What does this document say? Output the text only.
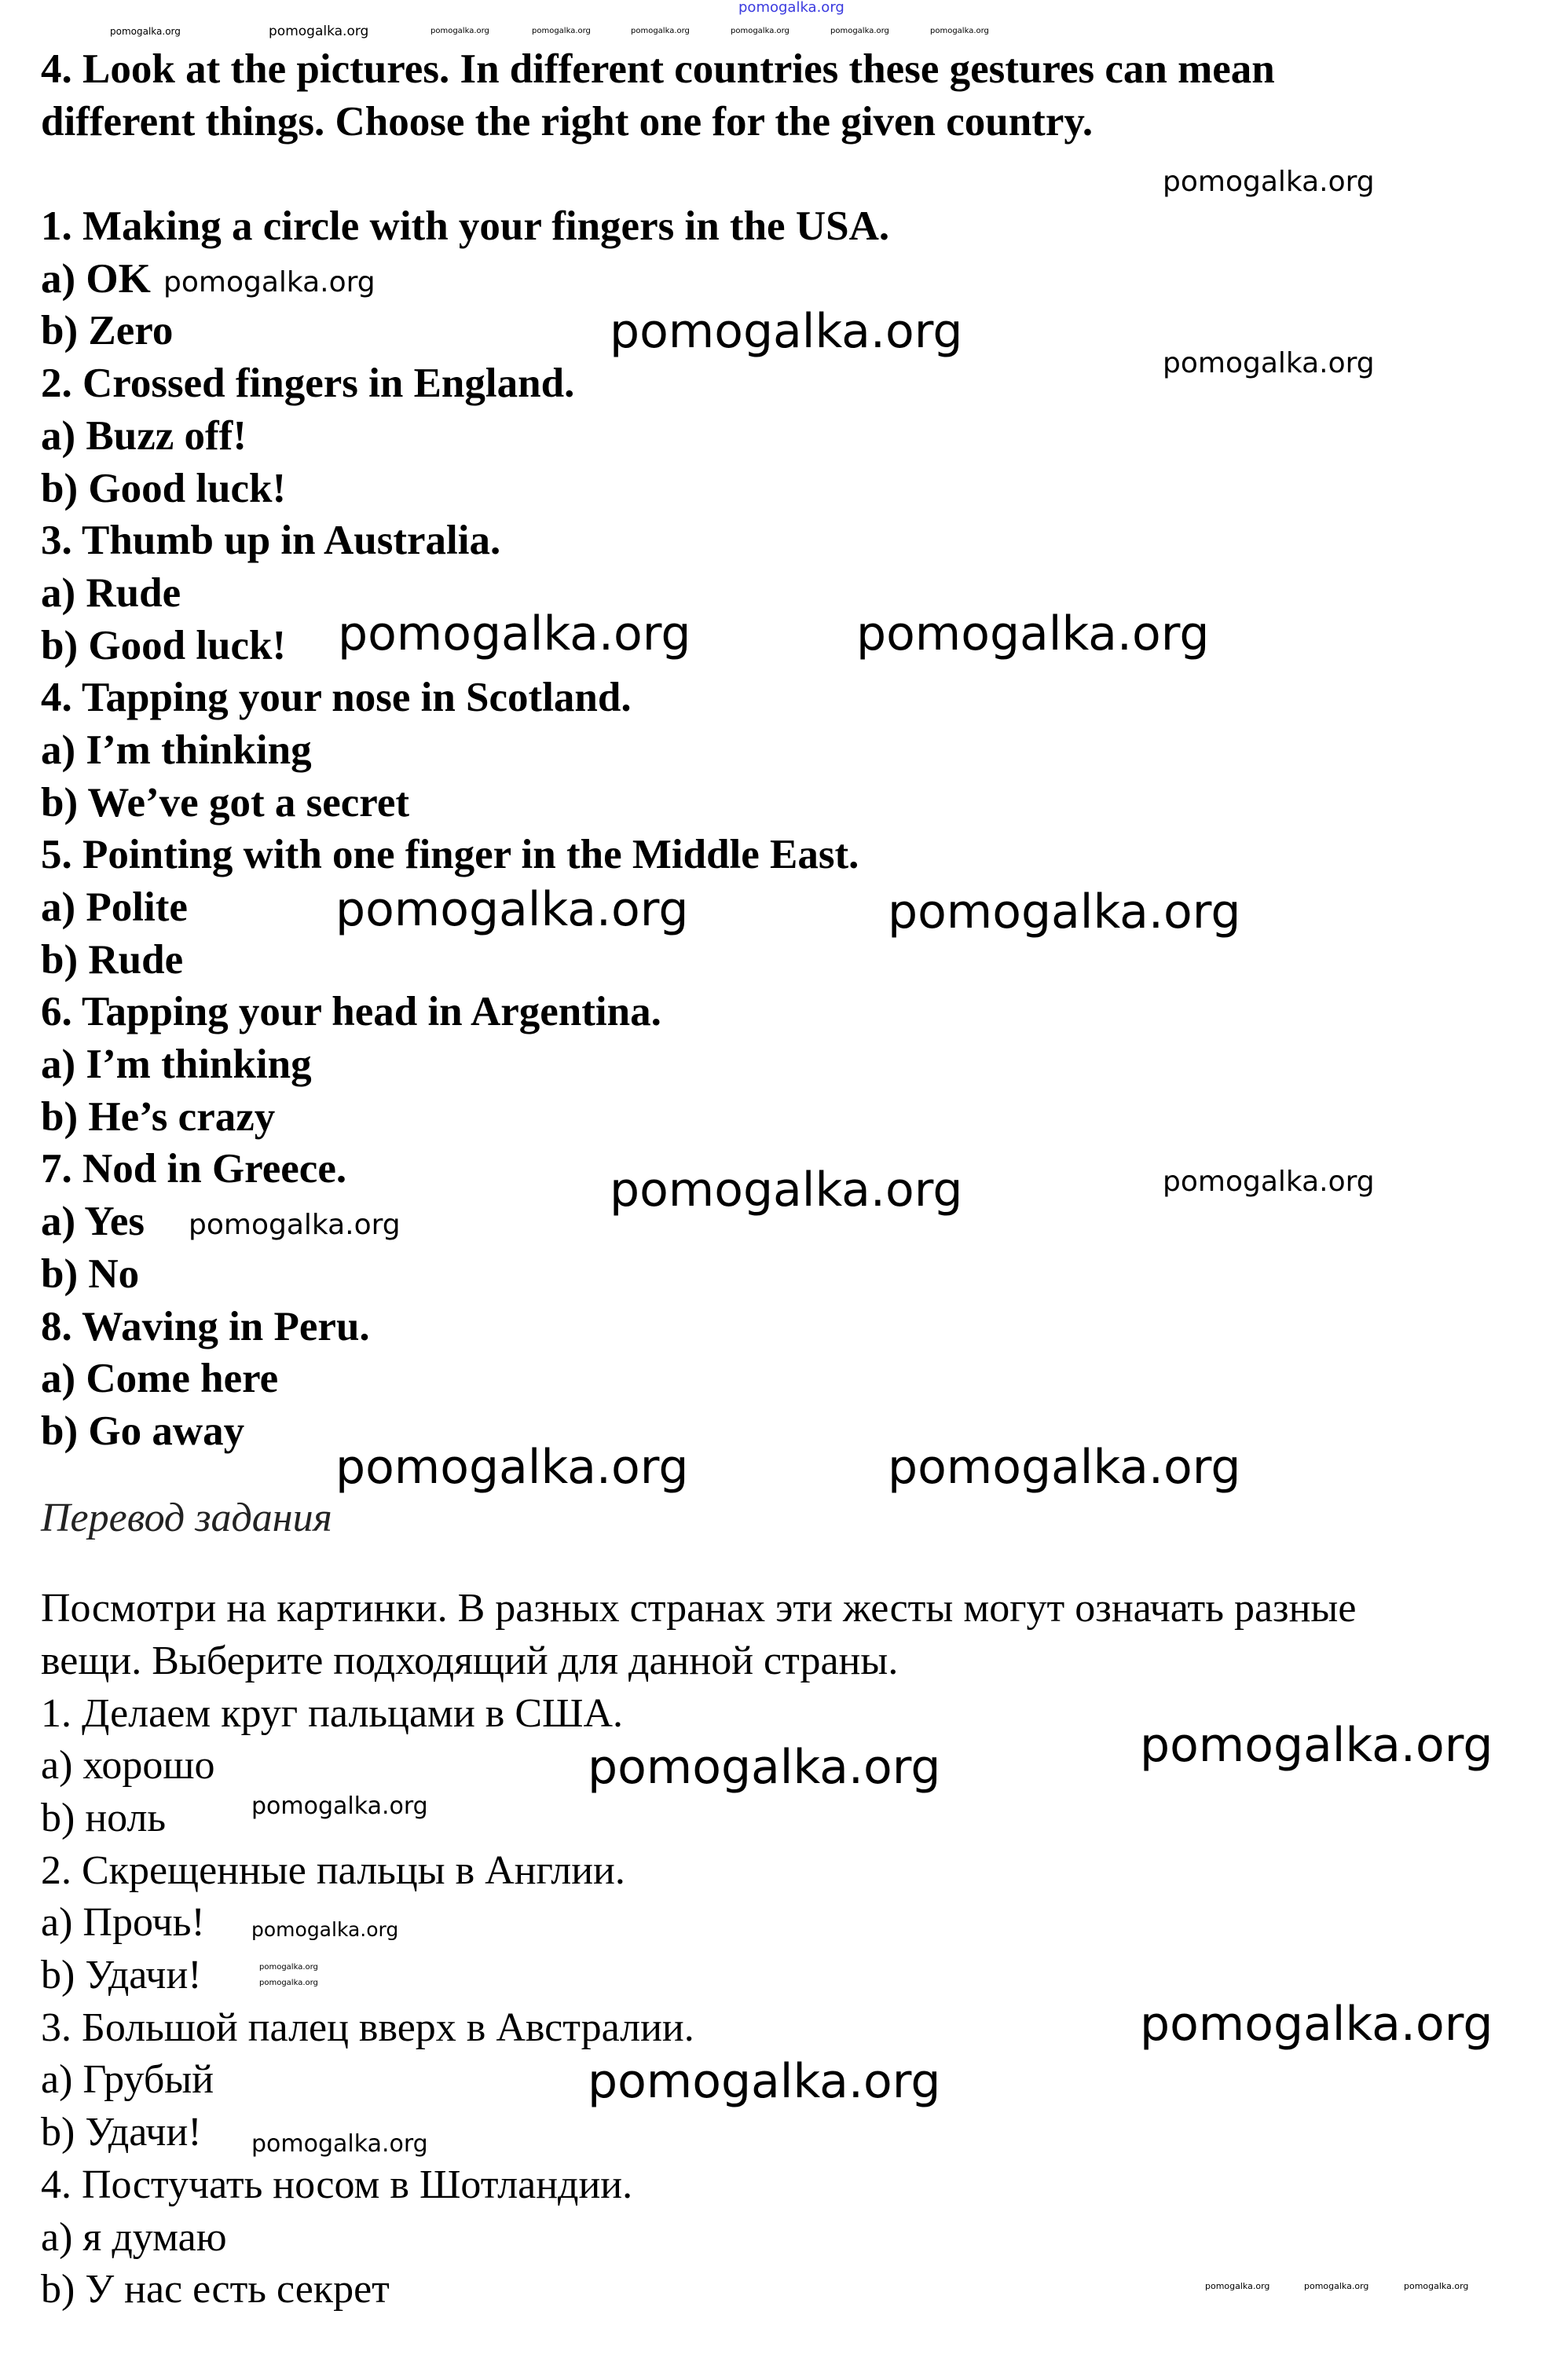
4. Look at the pictures. In different countries these gestures can mean
different things. Choose the right one for the given country.
1. Making a circle with your fingers in the USA.
a) OK
b) Zero
2. Crossed fingers in England.
a) Buzz off!
b) Good luck!
3. Thumb up in Australia.
a) Rude
b) Good luck!
4. Tapping your nose in Scotland.
a) I’m thinking
b) We’ve got a secret
5. Pointing with one finger in the Middle East.
a) Polite
b) Rude
6. Tapping your head in Argentina.
a) I’m thinking
b) He’s crazy
7. Nod in Greece.
a) Yes
b) No
8. Waving in Peru.
a) Come here
b) Go away
Перевод задания
Посмотри на картинки. В разных странах эти жесты могут означать разные
вещи. Выберите подходящий для данной страны.
1. Делаем круг пальцами в США.
a) хорошо
b) ноль
2. Скрещенные пальцы в Англии.
a) Прочь!
b) Удачи!
3. Большой палец вверх в Австралии.
a) Грубый
b) Удачи!
4. Постучать носом в Шотландии.
a) я думаю
b) У нас есть секрет
pomogalka.org
pomogalka.org	pomogalka.org	pomogalka.org	pomogalka.org	pomogalka.org	pomogalka.org	pomogalka.org	pomogalka.org
pomogalka.org
pomogalka.org
pomogalka.org
pomogalka.org
pomogalka.org	pomogalka.org
pomogalka.org	pomogalka.org
pomogalka.org	pomogalka.org
pomogalka.org
pomogalka.org	pomogalka.org
pomogalka.org	pomogalka.org
pomogalka.org
pomogalka.org
pomogalka.org
pomogalka.org
pomogalka.org
pomogalka.org
pomogalka.org
pomogalka.org	pomogalka.org	pomogalka.org
